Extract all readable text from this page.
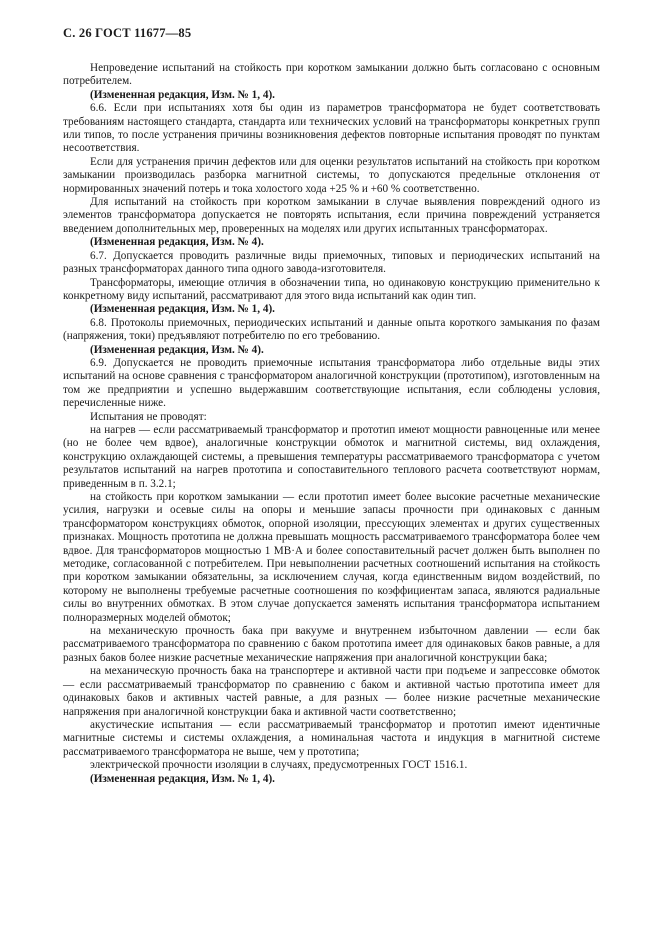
С. 26 ГОСТ 11677—85

Непроведение испытаний на стойкость при коротком замыкании должно быть согласовано с основным потребителем.

(Измененная редакция, Изм. № 1, 4).

6.6. Если при испытаниях хотя бы один из параметров трансформатора не будет соответствовать требованиям настоящего стандарта, стандарта или технических условий на трансформаторы конкретных групп или типов, то после устранения причины возникновения дефектов повторные испытания проводят по пунктам несоответствия.

Если для устранения причин дефектов или для оценки результатов испытаний на стойкость при коротком замыкании производилась разборка магнитной системы, то допускаются предельные отклонения от нормированных значений потерь и тока холостого хода +25 % и +60 % соответственно.

Для испытаний на стойкость при коротком замыкании в случае выявления повреждений одного из элементов трансформатора допускается не повторять испытания, если причина повреждений устраняется введением дополнительных мер, проверенных на моделях или других испытанных трансформаторах.

(Измененная редакция, Изм. № 4).

6.7. Допускается проводить различные виды приемочных, типовых и периодических испытаний на разных трансформаторах данного типа одного завода-изготовителя.

Трансформаторы, имеющие отличия в обозначении типа, но одинаковую конструкцию применительно к конкретному виду испытаний, рассматривают для этого вида испытаний как один тип.

(Измененная редакция, Изм. № 1, 4).

6.8. Протоколы приемочных, периодических испытаний и данные опыта короткого замыкания по фазам (напряжения, токи) предъявляют потребителю по его требованию.

(Измененная редакция, Изм. № 4).

6.9. Допускается не проводить приемочные испытания трансформатора либо отдельные виды этих испытаний на основе сравнения с трансформатором аналогичной конструкции (прототипом), изготовленным на том же предприятии и успешно выдержавшим соответствующие испытания, если соблюдены условия, перечисленные ниже.

Испытания не проводят:

на нагрев — если рассматриваемый трансформатор и прототип имеют мощности равноценные или менее (но не более чем вдвое), аналогичные конструкции обмоток и магнитной системы, вид охлаждения, конструкцию охлаждающей системы, а превышения температуры рассматриваемого трансформатора с учетом результатов испытаний на нагрев прототипа и сопоставительного теплового расчета соответствуют нормам, приведенным в п. 3.2.1;

на стойкость при коротком замыкании — если прототип имеет более высокие расчетные механические усилия, нагрузки и осевые силы на опоры и меньшие запасы прочности при одинаковых с данным трансформатором конструкциях обмоток, опорной изоляции, прессующих элементах и других существенных признаках. Мощность прототипа не должна превышать мощность рассматриваемого трансформатора более чем вдвое. Для трансформаторов мощностью 1 МВ·А и более сопоставительный расчет должен быть выполнен по методике, согласованной с потребителем. При невыполнении расчетных соотношений испытания на стойкость при коротком замыкании обязательны, за исключением случая, когда единственным видом воздействий, по которому не выполнены требуемые расчетные соотношения по коэффициентам запаса, являются радиальные силы во внутренних обмотках. В этом случае допускается заменять испытания трансформатора испытанием полноразмерных моделей обмоток;

на механическую прочность бака при вакууме и внутреннем избыточном давлении — если бак рассматриваемого трансформатора по сравнению с баком прототипа имеет для одинаковых баков равные, а для разных баков более низкие расчетные механические напряжения при аналогичной конструкции бака;

на механическую прочность бака на транспортере и активной части при подъеме и запрессовке обмоток — если рассматриваемый трансформатор по сравнению с баком и активной частью прототипа имеет для одинаковых баков и активных частей равные, а для разных — более низкие расчетные механические напряжения при аналогичной конструкции бака и активной части соответственно;

акустические испытания — если рассматриваемый трансформатор и прототип имеют идентичные магнитные системы и системы охлаждения, а номинальная частота и индукция в магнитной системе рассматриваемого трансформатора не выше, чем у прототипа;

электрической прочности изоляции в случаях, предусмотренных ГОСТ 1516.1.

(Измененная редакция, Изм. № 1, 4).
